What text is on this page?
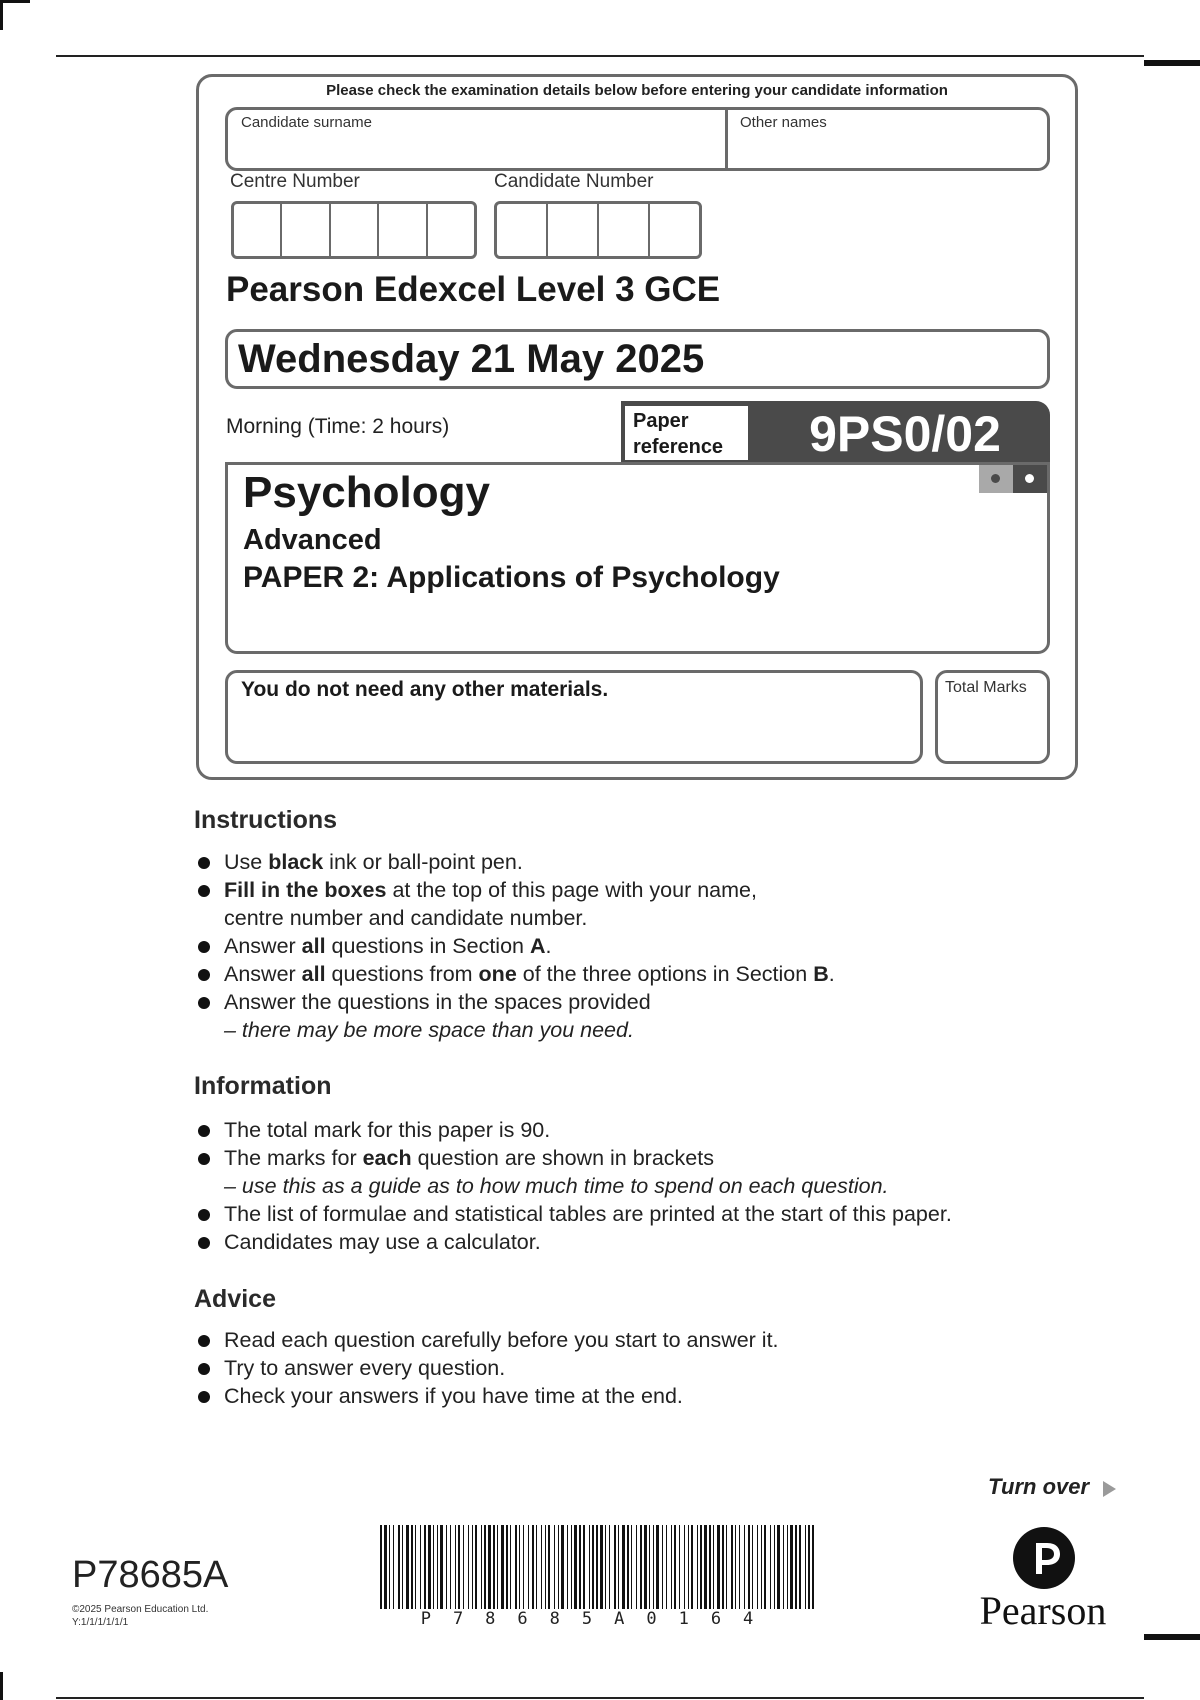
Please check the examination details below before entering your candidate information
Candidate surname	Other names
Centre Number	Candidate Number
Pearson Edexcel Level 3 GCE
Wednesday 21 May 2025
Morning (Time: 2 hours)	Paper
reference	9PS0/02
Psychology
Advanced
PAPER 2: Applications of Psychology
You do not need any other materials.	Total Marks
Instructions
Use black ink or ball-point pen.
Fill in the boxes at the top of this page with your name,
centre number and candidate number.
Answer all questions in Section A.
Answer all questions from one of the three options in Section B.
Answer the questions in the spaces provided
– there may be more space than you need.
Information
The total mark for this paper is 90.
The marks for each question are shown in brackets
– use this as a guide as to how much time to spend on each question.
The list of formulae and statistical tables are printed at the start of this paper.
Candidates may use a calculator.
Advice
Read each question carefully before you start to answer it.
Try to answer every question.
Check your answers if you have time at the end.
Turn over
P78685A
©2025 Pearson Education Ltd.
Y:1/1/1/1/1/1	P78685A0164	Pearson
